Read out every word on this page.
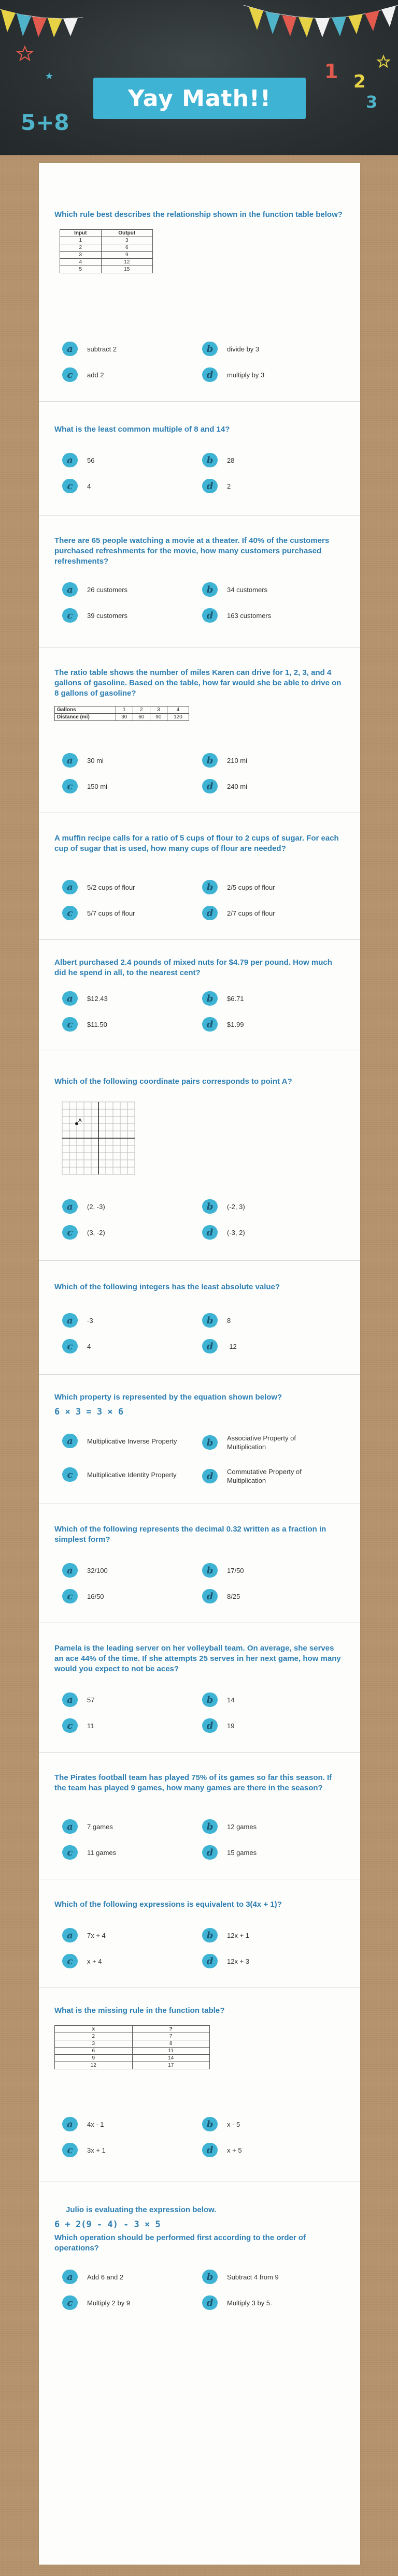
5+8
1 2
3
Yay Math!!
Which rule best describes the relationship shown in the function table below?
Input	Output
1	3
2	6
3	9
4	12
5	15
a	subtract 2	b	divide by 3
c	add 2	d	multiply by 3
What is the least common multiple of 8 and 14?
a	56	b	28
c	4	d	2
There are 65 people watching a movie at a theater. If 40% of the customers purchased refreshments for the movie, how many customers purchased refreshments?
a	26 customers	b	34 customers
c	39 customers	d	163 customers
The ratio table shows the number of miles Karen can drive for 1, 2, 3, and 4 gallons of gasoline. Based on the table, how far would she be able to drive on 8 gallons of gasoline?
Gallons	1	2	3	4
Distance (mi)	30	60	90	120
a	30 mi	b	210 mi
c	150 mi	d	240 mi
A muffin recipe calls for a ratio of 5 cups of flour to 2 cups of sugar. For each cup of sugar that is used, how many cups of flour are needed?
a	5/2 cups of flour	b	2/5 cups of flour
c	5/7 cups of flour	d	2/7 cups of flour
Albert purchased 2.4 pounds of mixed nuts for $4.79 per pound. How much did he spend in all, to the nearest cent?
a	$12.43	b	$6.71
c	$11.50	d	$1.99
Which of the following coordinate pairs corresponds to point A?
A
a	(2, -3)	b	(-2, 3)
c	(3, -2)	d	(-3, 2)
Which of the following integers has the least absolute value?
a	-3	b	8
c	4	d	-12
Which property is represented by the equation shown below?
6 × 3 = 3 × 6
a	Multiplicative Inverse Property	b	Associative Property of Multiplication
c	Multiplicative Identity Property	d	Commutative Property of Multiplication
Which of the following represents the decimal 0.32 written as a fraction in simplest form?
a	32/100	b	17/50
c	16/50	d	8/25
Pamela is the leading server on her volleyball team. On average, she serves an ace 44% of the time. If she attempts 25 serves in her next game, how many would you expect to not be aces?
a	57	b	14
c	11	d	19
The Pirates football team has played 75% of its games so far this season. If the team has played 9 games, how many games are there in the season?
a	7 games	b	12 games
c	11 games	d	15 games
Which of the following expressions is equivalent to 3(4x + 1)?
a	7x + 4	b	12x + 1
c	x + 4	d	12x + 3
What is the missing rule in the function table?
x	?
2	7
3	8
6	11
9	14
12	17
a	4x - 1	b	x - 5
c	3x + 1	d	x + 5
Julio is evaluating the expression below.
6 + 2(9 - 4) - 3 × 5
Which operation should be performed first according to the order of operations?
a	Add 6 and 2	b	Subtract 4 from 9
c	Multiply 2 by 9	d	Multiply 3 by 5.
